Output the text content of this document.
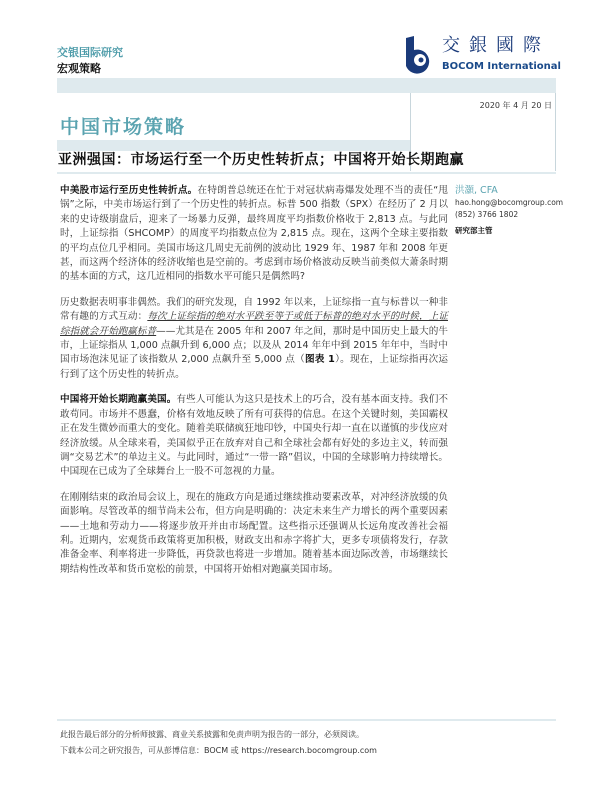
交银国际研究
宏观策略
交銀國際
BOCOM International
2020 年 4 月 20 日
中国市场策略
亚洲强国：市场运行至一个历史性转折点；中国将开始长期跑赢

中美股市运行至历史性转折点。在特朗普总统还在忙于对冠状病毒爆发处理不当的责任“甩锅”之际，中美市场运行到了一个历史性的转折点。标普 500 指数（SPX）在经历了 2 月以来的史诗级崩盘后，迎来了一场暴力反弹，最终周度平均指数价格收于 2,813 点。与此同时，上证综指（SHCOMP）的周度平均指数点位为 2,815 点。现在，这两个全球主要指数的平均点位几乎相同。美国市场这几周史无前例的波动比 1929 年、1987 年和 2008 年更甚，而这两个经济体的经济收缩也是空前的。考虑到市场价格波动反映当前类似大萧条时期的基本面的方式，这几近相同的指数水平可能只是偶然吗?

历史数据表明事非偶然。我们的研究发现，自 1992 年以来，上证综指一直与标普以一种非常有趣的方式互动：每次上证综指的绝对水平跌至等于或低于标普的绝对水平的时候，上证综指就会开始跑赢标普——尤其是在 2005 年和 2007 年之间，那时是中国历史上最大的牛市，上证综指从 1,000 点飙升到 6,000 点；以及从 2014 年年中到 2015 年年中，当时中国市场泡沫见证了该指数从 2,000 点飙升至 5,000 点（图表 1）。现在，上证综指再次运行到了这个历史性的转折点。

中国将开始长期跑赢美国。有些人可能认为这只是技术上的巧合，没有基本面支持。我们不敢苟同。市场并不愚蠢，价格有效地反映了所有可获得的信息。在这个关键时刻，美国霸权正在发生微妙而重大的变化。随着美联储疯狂地印钞，中国央行却一直在以谨慎的步伐应对经济放缓。从全球来看，美国似乎正在放弃对自己和全球社会都有好处的多边主义，转而强调“交易艺术”的单边主义。与此同时，通过“一带一路”倡议，中国的全球影响力持续增长。中国现在已成为了全球舞台上一股不可忽视的力量。

在刚刚结束的政治局会议上，现在的施政方向是通过继续推动要素改革，对冲经济放缓的负面影响。尽管改革的细节尚未公布，但方向是明确的：决定未来生产力增长的两个重要因素——土地和劳动力——将逐步放开并由市场配置。这些指示还强调从长远角度改善社会福利。近期内，宏观货币政策将更加积极，财政支出和赤字将扩大，更多专项债将发行，存款准备金率、利率将进一步降低，再贷款也将进一步增加。随着基本面边际改善，市场继续长期结构性改革和货币宽松的前景，中国将开始相对跑赢美国市场。

洪灝, CFA
hao.hong@bocomgroup.com
(852) 3766 1802
研究部主管
此报告最后部分的分析师披露、商业关系披露和免责声明为报告的一部分，必须阅读。
下载本公司之研究报告，可从彭博信息：BOCM 或 https://research.bocomgroup.com
